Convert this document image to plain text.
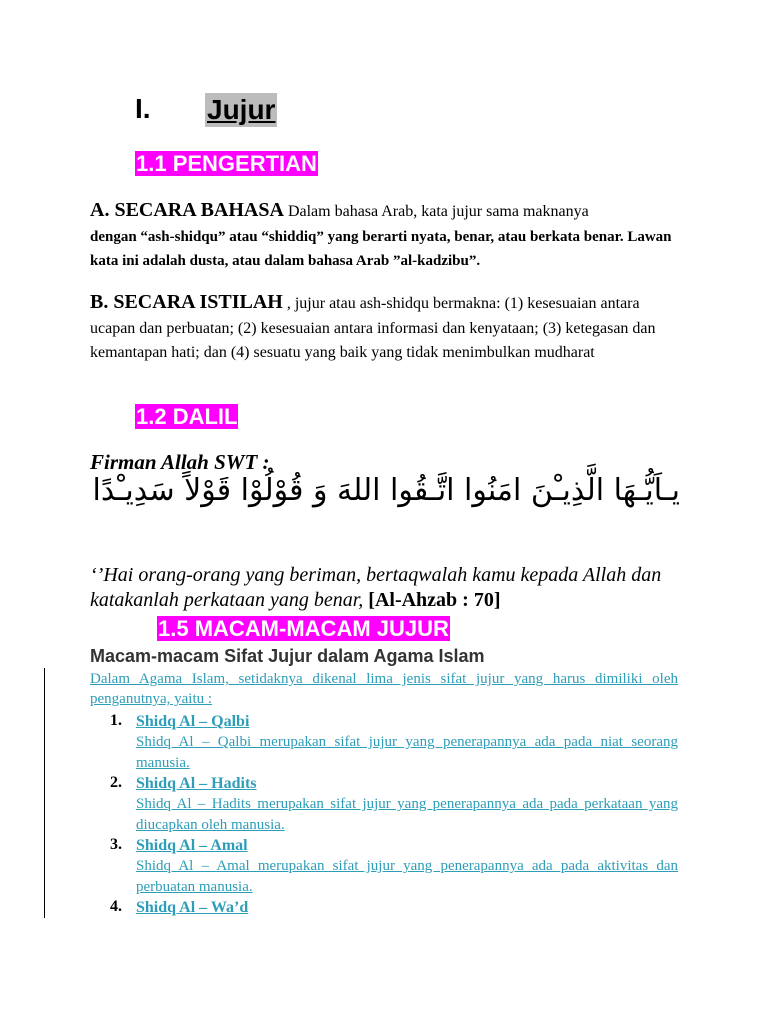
I. Jujur
1.1 PENGERTIAN
A. SECARA BAHASA Dalam bahasa Arab, kata jujur sama maknanya
dengan “ash-shidqu” atau “shiddiq” yang berarti nyata, benar, atau berkata benar. Lawan kata ini adalah dusta, atau dalam bahasa Arab ”al-kadzibu”.
B. SECARA ISTILAH , jujur atau ash-shidqu bermakna: (1) kesesuaian antara ucapan dan perbuatan; (2) kesesuaian antara informasi dan kenyataan; (3) ketegasan dan kemantapan hati; dan (4) sesuatu yang baik yang tidak menimbulkan mudharat
1.2 DALIL
Firman Allah SWT :
يـاَيُّـهَا الَّذِيـْنَ امَنُوا اتَّـقُوا اللهَ وَ قُوْلُوْا قَوْلاً سَدِيـْدًا
‘’Hai orang-orang yang beriman, bertaqwalah kamu kepada Allah dan katakanlah perkataan yang benar, [Al-Ahzab : 70]
1.5 MACAM-MACAM JUJUR
Macam-macam Sifat Jujur dalam Agama Islam
Dalam Agama Islam, setidaknya dikenal lima jenis sifat jujur yang harus dimiliki oleh penganutnya, yaitu :
1. Shidq Al – Qalbi
Shidq Al – Qalbi merupakan sifat jujur yang penerapannya ada pada niat seorang manusia.
2. Shidq Al – Hadits
Shidq Al – Hadits merupakan sifat jujur yang penerapannya ada pada perkataan yang diucapkan oleh manusia.
3. Shidq Al – Amal
Shidq Al – Amal merupakan sifat jujur yang penerapannya ada pada aktivitas dan perbuatan manusia.
4. Shidq Al – Wa’d
